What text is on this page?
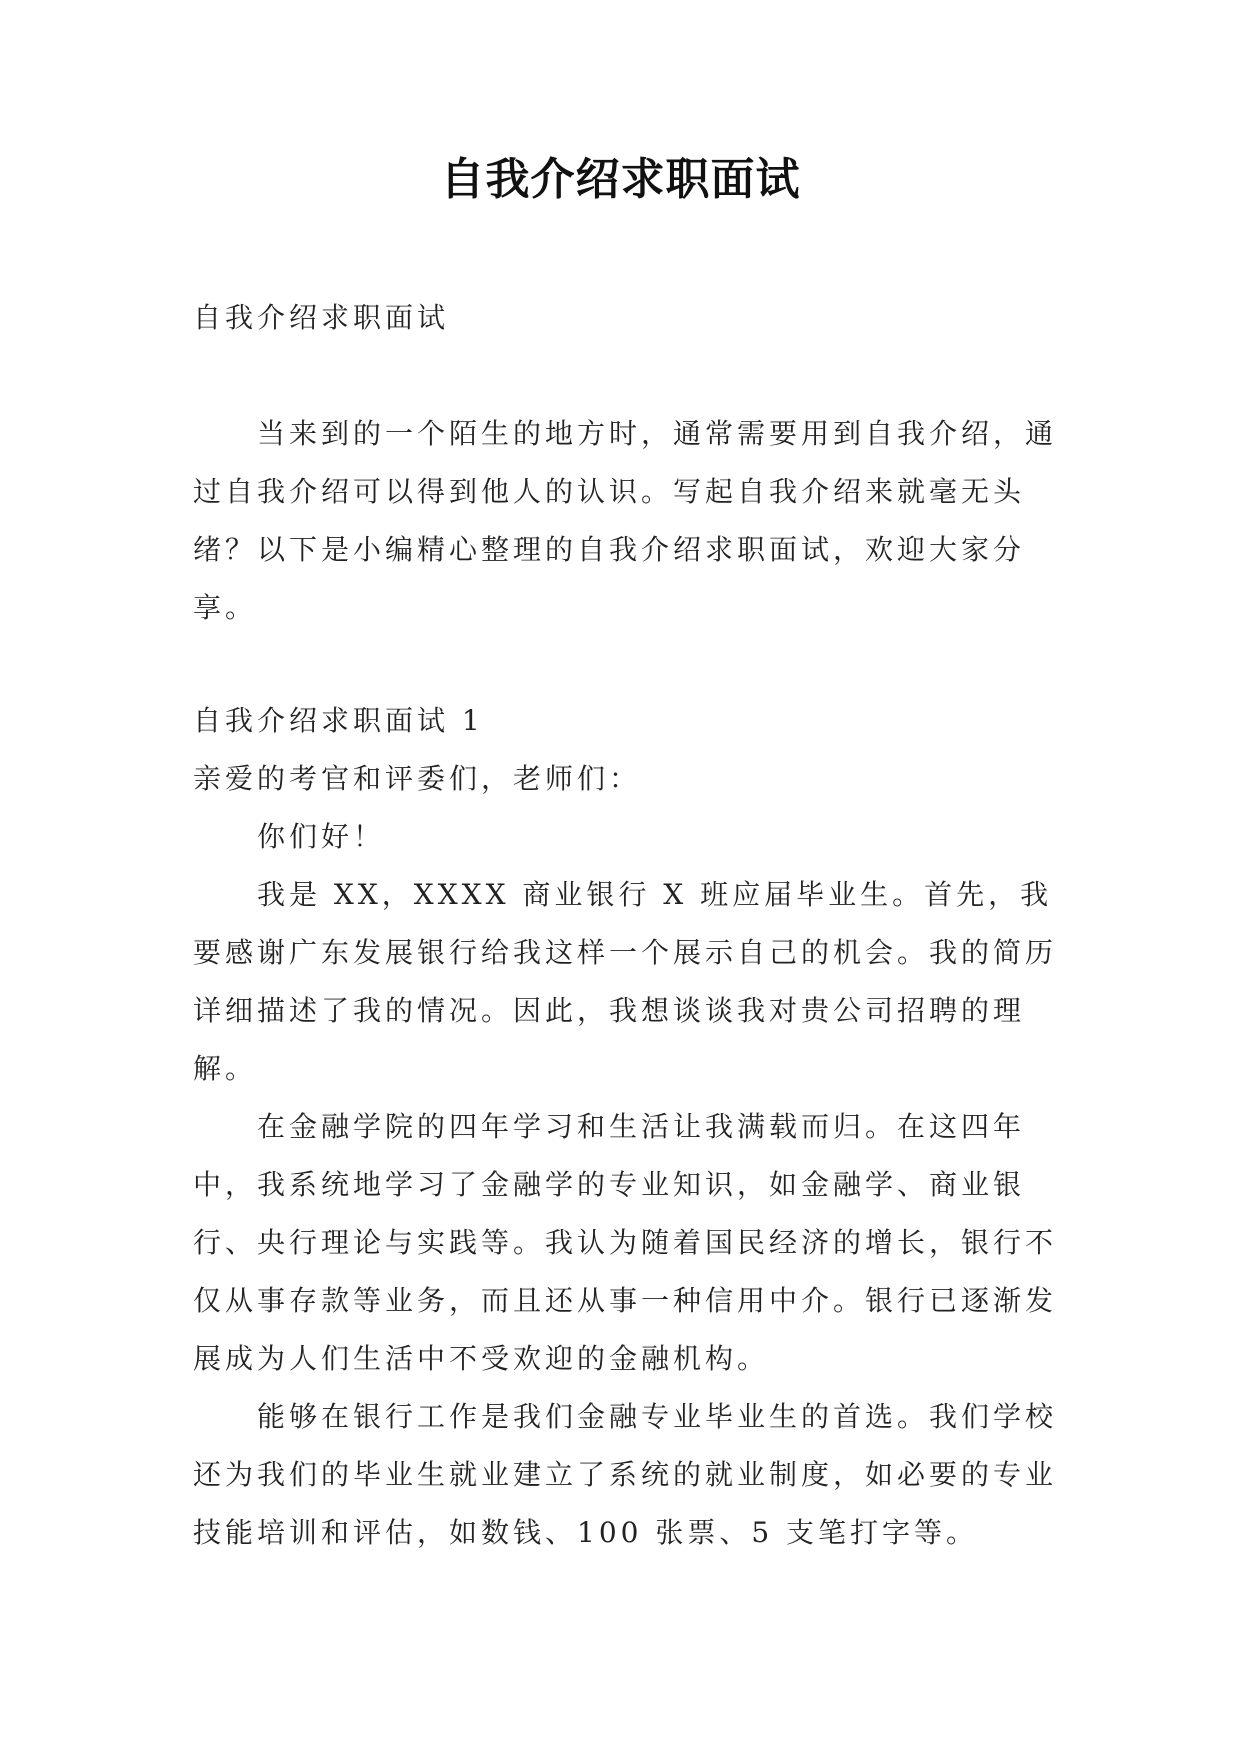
自我介绍求职面试

自我介绍求职面试

当来到的一个陌生的地方时，通常需要用到自我介绍，通过自我介绍可以得到他人的认识。写起自我介绍来就毫无头绪？以下是小编精心整理的自我介绍求职面试，欢迎大家分享。

自我介绍求职面试 1

亲爱的考官和评委们，老师们：

你们好！

我是 XX，XXXX 商业银行 X 班应届毕业生。首先，我要感谢广东发展银行给我这样一个展示自己的机会。我的简历详细描述了我的情况。因此，我想谈谈我对贵公司招聘的理解。

在金融学院的四年学习和生活让我满载而归。在这四年中，我系统地学习了金融学的专业知识，如金融学、商业银行、央行理论与实践等。我认为随着国民经济的增长，银行不仅从事存款等业务，而且还从事一种信用中介。银行已逐渐发展成为人们生活中不受欢迎的金融机构。

能够在银行工作是我们金融专业毕业生的首选。我们学校还为我们的毕业生就业建立了系统的就业制度，如必要的专业技能培训和评估，如数钱、100 张票、5 支笔打字等。
